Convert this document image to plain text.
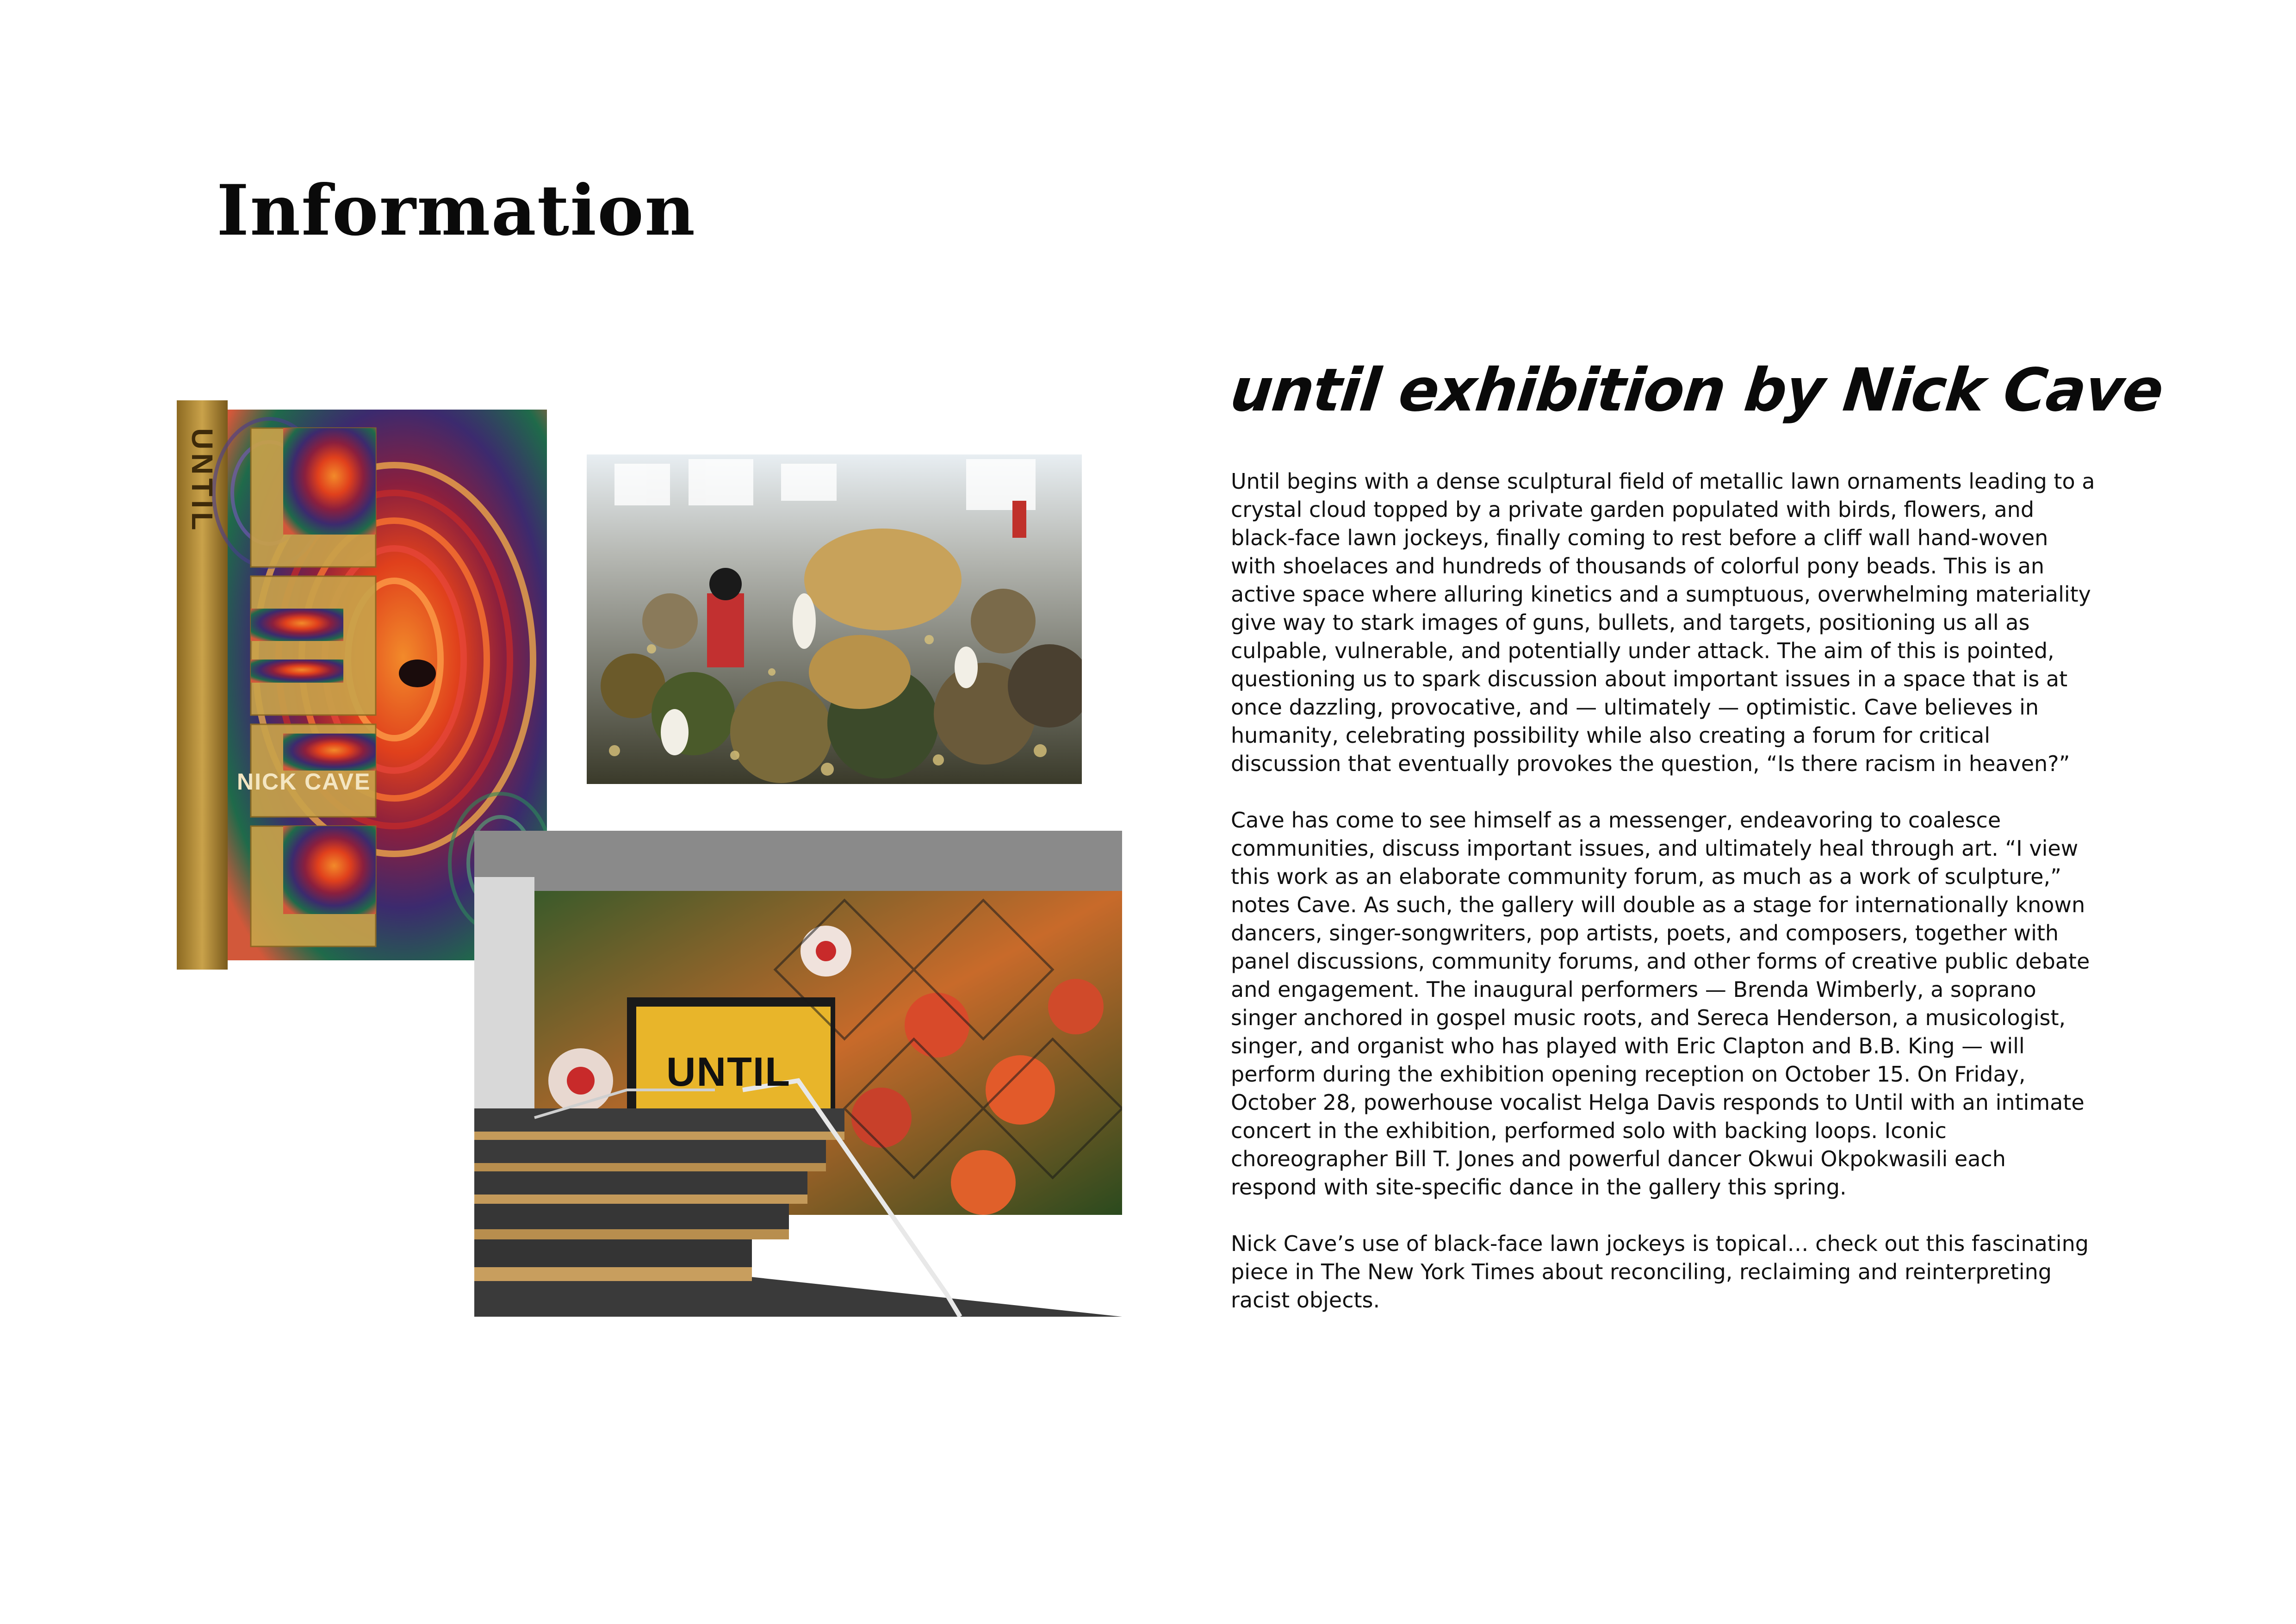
Information
until exhibition by Nick Cave

Until begins with a dense sculptural field of metallic lawn ornaments leading to a crystal cloud topped by a private garden populated with birds, flowers, and black-face lawn jockeys, finally coming to rest before a cliff wall hand-woven with shoelaces and hundreds of thousands of colorful pony beads. This is an active space where alluring kinetics and a sumptuous, overwhelming materiality give way to stark images of guns, bullets, and targets, positioning us all as culpable, vulnerable, and potentially under attack. The aim of this is pointed, questioning us to spark discussion about important issues in a space that is at once dazzling, provocative, and — ultimately — optimistic. Cave believes in humanity, celebrating possibility while also creating a forum for critical discussion that eventually provokes the question, “Is there racism in heaven?”

Cave has come to see himself as a messenger, endeavoring to coalesce communities, discuss important issues, and ultimately heal through art. “I view this work as an elaborate community forum, as much as a work of sculpture,” notes Cave. As such, the gallery will double as a stage for internationally known dancers, singer-songwriters, pop artists, poets, and composers, together with panel discussions, community forums, and other forms of creative public debate and engagement. The inaugural performers — Brenda Wimberly, a soprano singer anchored in gospel music roots, and Sereca Henderson, a musicologist, singer, and organist who has played with Eric Clapton and B.B. King — will perform during the exhibition opening reception on October 15. On Friday, October 28, powerhouse vocalist Helga Davis responds to Until with an intimate concert in the exhibition, performed solo with backing loops. Iconic choreographer Bill T. Jones and powerful dancer Okwui Okpokwasili each respond with site-specific dance in the gallery this spring.

Nick Cave’s use of black-face lawn jockeys is topical… check out this fascinating piece in The New York Times about reconciling, reclaiming and reinterpreting racist objects.

UNTIL
NICK CAVE
UNTIL
